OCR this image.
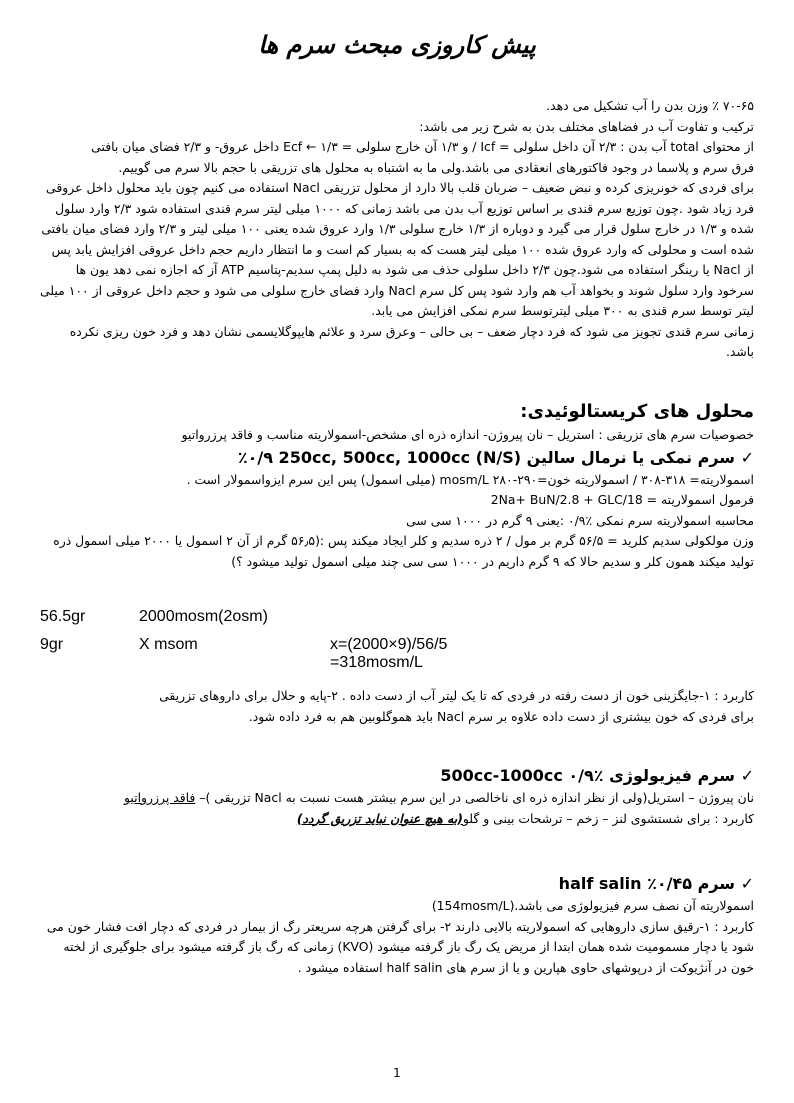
پیش کاروزی مبحث سرم ها

۷۰-۶۵ ٪ وزن بدن را آب تشکیل می دهد.

ترکیب و تفاوت آب در فضاهای مختلف بدن به شرح زیر می باشد:

از محتوای total آب بدن : ۲/۳ آن داخل سلولی = Icf / و ۱/۳ آن خارج سلولی = Ecf ← ۱/۳ داخل عروق- و ۲/۳ فضای میان بافتی

فرق سرم و پلاسما در وجود فاکتورهای انعقادی می باشد.ولی ما به اشتباه به محلول های تزریقی با حجم بالا سرم می گوییم.

برای فردی که خونریزی کرده و نبض ضعیف – ضربان قلب بالا دارد از محلول تزریقی Nacl استفاده می کنیم چون باید محلول داخل عروقی فرد زیاد شود .چون توزیع سرم قندی بر اساس توزیع آب بدن می باشد زمانی که ۱۰۰۰ میلی لیتر سرم قندی استفاده شود ۲/۳ وارد سلول شده و ۱/۳ در خارج سلول قرار می گیرد و دوباره از ۱/۳ خارج سلولی ۱/۳ وارد عروق شده یعنی ۱۰۰ میلی لیتر و ۲/۳ وارد فضای میان بافتی شده است و محلولی که وارد عروق شده ۱۰۰ میلی لیتر هست که به بسیار کم است و ما انتظار داریم حجم داخل عروقی افزایش یابد پس از Nacl یا رینگر استفاده می شود.چون ۲/۳ داخل سلولی حذف می شود به دلیل پمپ سدیم-پتاسیم ATP آز که اجازه نمی دهد یون ها سرخود وارد سلول شوند و بخواهد آب هم وارد شود پس کل سرم Nacl وارد فضای خارج سلولی می شود و حجم داخل عروقی از ۱۰۰ میلی لیتر توسط سرم قندی به ۳۰۰ میلی لیترتوسط سرم نمکی افزایش می یابد.

زمانی سرم قندی تجویز می شود که فرد دچار ضعف – بی حالی – وعرق سرد و علائم هایپوگلایسمی نشان دهد و فرد خون ریزی نکرده باشد.

محلول های کریستالوئیدی:

خصوصیات سرم های تزریقی : استریل – نان پیروژن- اندازه ذره ای مشخص-اسمولاریته مناسب و فاقد پرزرواتیو

✓ سرم نمکی یا نرمال سالین (N/S) ٪۰/۹ 250cc, 500cc, 1000cc

اسمولاریته= ۳۱۸-۳۰۸ / اسمولاریته خون=۲۹۰-۲۸۰ mosm/L (میلی اسمول) پس این سرم ایزواسمولار است .

فرمول اسمولاریته = 2Na+ BuN/2.8 + GLC/18

محاسبه اسمولاریته سرم نمکی ٪۰/۹ :یعنی ۹ گرم در ۱۰۰۰ سی سی

وزن مولکولی سدیم کلرید = ۵۶/۵ گرم بر مول / ۲ ذره سدیم و کلر ایجاد میکند پس :(۵۶٫۵ گرم از آن ۲ اسمول یا ۲۰۰۰ میلی اسمول ذره تولید میکند همون کلر و سدیم حالا که ۹ گرم داریم در ۱۰۰۰ سی سی چند میلی اسمول تولید میشود ؟)

56.5gr	2000mosm(2osm)
9gr	X msom	x=(2000×9)/56/5 =318mosm/L

کاربرد : ۱-جایگزینی خون از دست رفته در فردی که تا یک لیتر آب از دست داده . ۲-پایه و حلال برای داروهای تزریقی

برای فردی که خون بیشتری از دست داده علاوه بر سرم Nacl باید هموگلوبین هم به فرد داده شود.

✓ سرم فیزیولوژی ٪۰/۹ 500cc-1000cc

نان پیروژن – استریل(ولی از نظر اندازه ذره ای ناخالصی در این سرم بیشتر هست نسبت به Nacl تزریقی )– فاقد پرزرواتیو

کاربرد : برای شستشوی لنز – زخم – ترشحات بینی و گلو(به هیچ عنوان نباید تزریق گردد)

✓ سرم half salin ٪۰/۴۵

اسمولاریته آن نصف سرم فیزیولوژی می باشد.(154mosm/L)

کاربرد : ۱-رقیق سازی داروهایی که اسمولاریته بالایی دارند ۲- برای گرفتن هرچه سریعتر رگ از بیمار در فردی که دچار افت فشار خون می شود یا دچار مسمومیت شده همان ابتدا از مریض یک رگ باز گرفته میشود (KVO) زمانی که رگ باز گرفته میشود برای جلوگیری از لخته خون در آنژیوکت از درپوشهای حاوی هپارین و یا از سرم های half salin استفاده میشود .

1
